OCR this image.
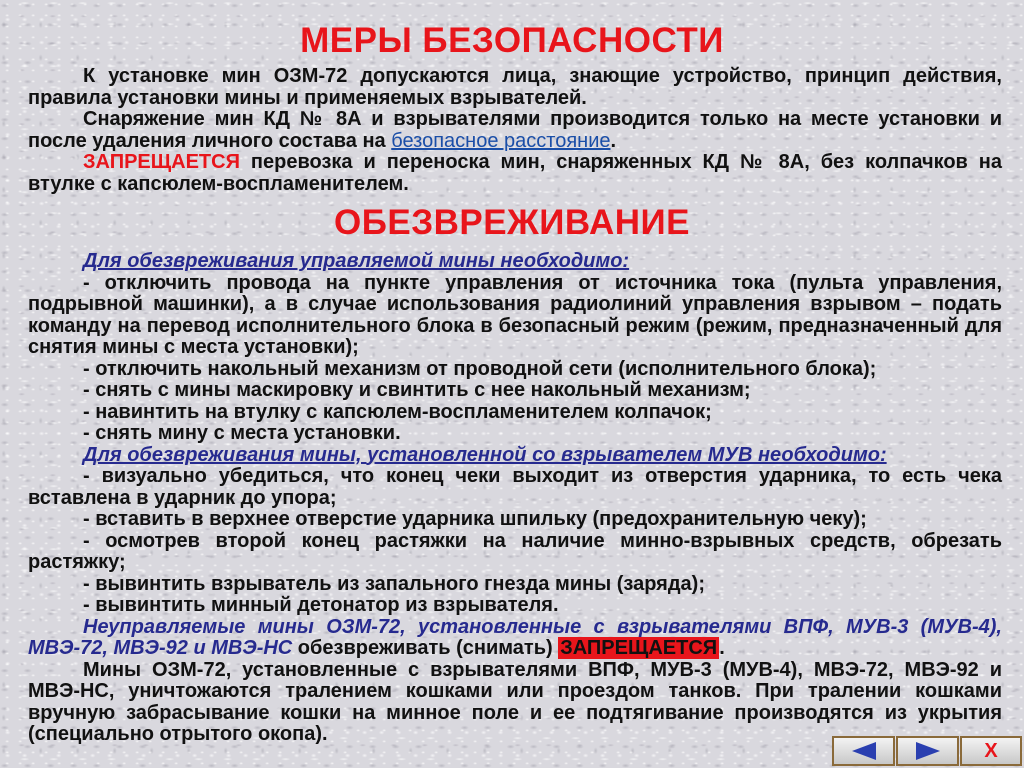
МЕРЫ БЕЗОПАСНОСТИ

К установке мин ОЗМ-72 допускаются лица, знающие устройство, принцип действия, правила установки мины и применяемых взрывателей.

Снаряжение мин КД № 8А и взрывателями производится только на месте установки и после удаления личного состава на безопасное расстояние.

ЗАПРЕЩАЕТСЯ перевозка и переноска мин, снаряженных КД № 8А, без колпачков на втулке с капсюлем-воспламенителем.

ОБЕЗВРЕЖИВАНИЕ

Для обезвреживания управляемой мины необходимо:

- отключить провода на пункте управления от источника тока (пульта управления, подрывной машинки), а в случае использования радиолиний управления взрывом – подать команду на перевод исполнительного блока в безопасный режим (режим, предназначенный для снятия мины с места установки);

- отключить накольный механизм от проводной сети (исполнительного блока);

- снять с мины маскировку и свинтить с нее накольный механизм;

- навинтить на втулку с капсюлем-воспламенителем колпачок;

- снять мину с места установки.

Для обезвреживания мины, установленной со взрывателем МУВ необходимо:

- визуально убедиться, что конец чеки выходит из отверстия ударника, то есть чека вставлена в ударник до упора;

- вставить в верхнее отверстие ударника шпильку (предохранительную чеку);

- осмотрев второй конец растяжки на наличие минно-взрывных средств, обрезать растяжку;

- вывинтить взрыватель из запального гнезда мины (заряда);

- вывинтить минный детонатор из взрывателя.

Неуправляемые мины ОЗМ-72, установленные с взрывателями ВПФ, МУВ-3 (МУВ-4), МВЭ-72, МВЭ-92 и МВЭ-НС обезвреживать (снимать) ЗАПРЕЩАЕТСЯ .

Мины ОЗМ-72, установленные с взрывателями ВПФ, МУВ-3 (МУВ-4), МВЭ-72, МВЭ-92 и МВЭ-НС, уничтожаются тралением кошками или проездом танков. При тралении кошками вручную забрасывание кошки на минное поле и ее подтягивание производятся из укрытия (специально отрытого окопа).

Х
